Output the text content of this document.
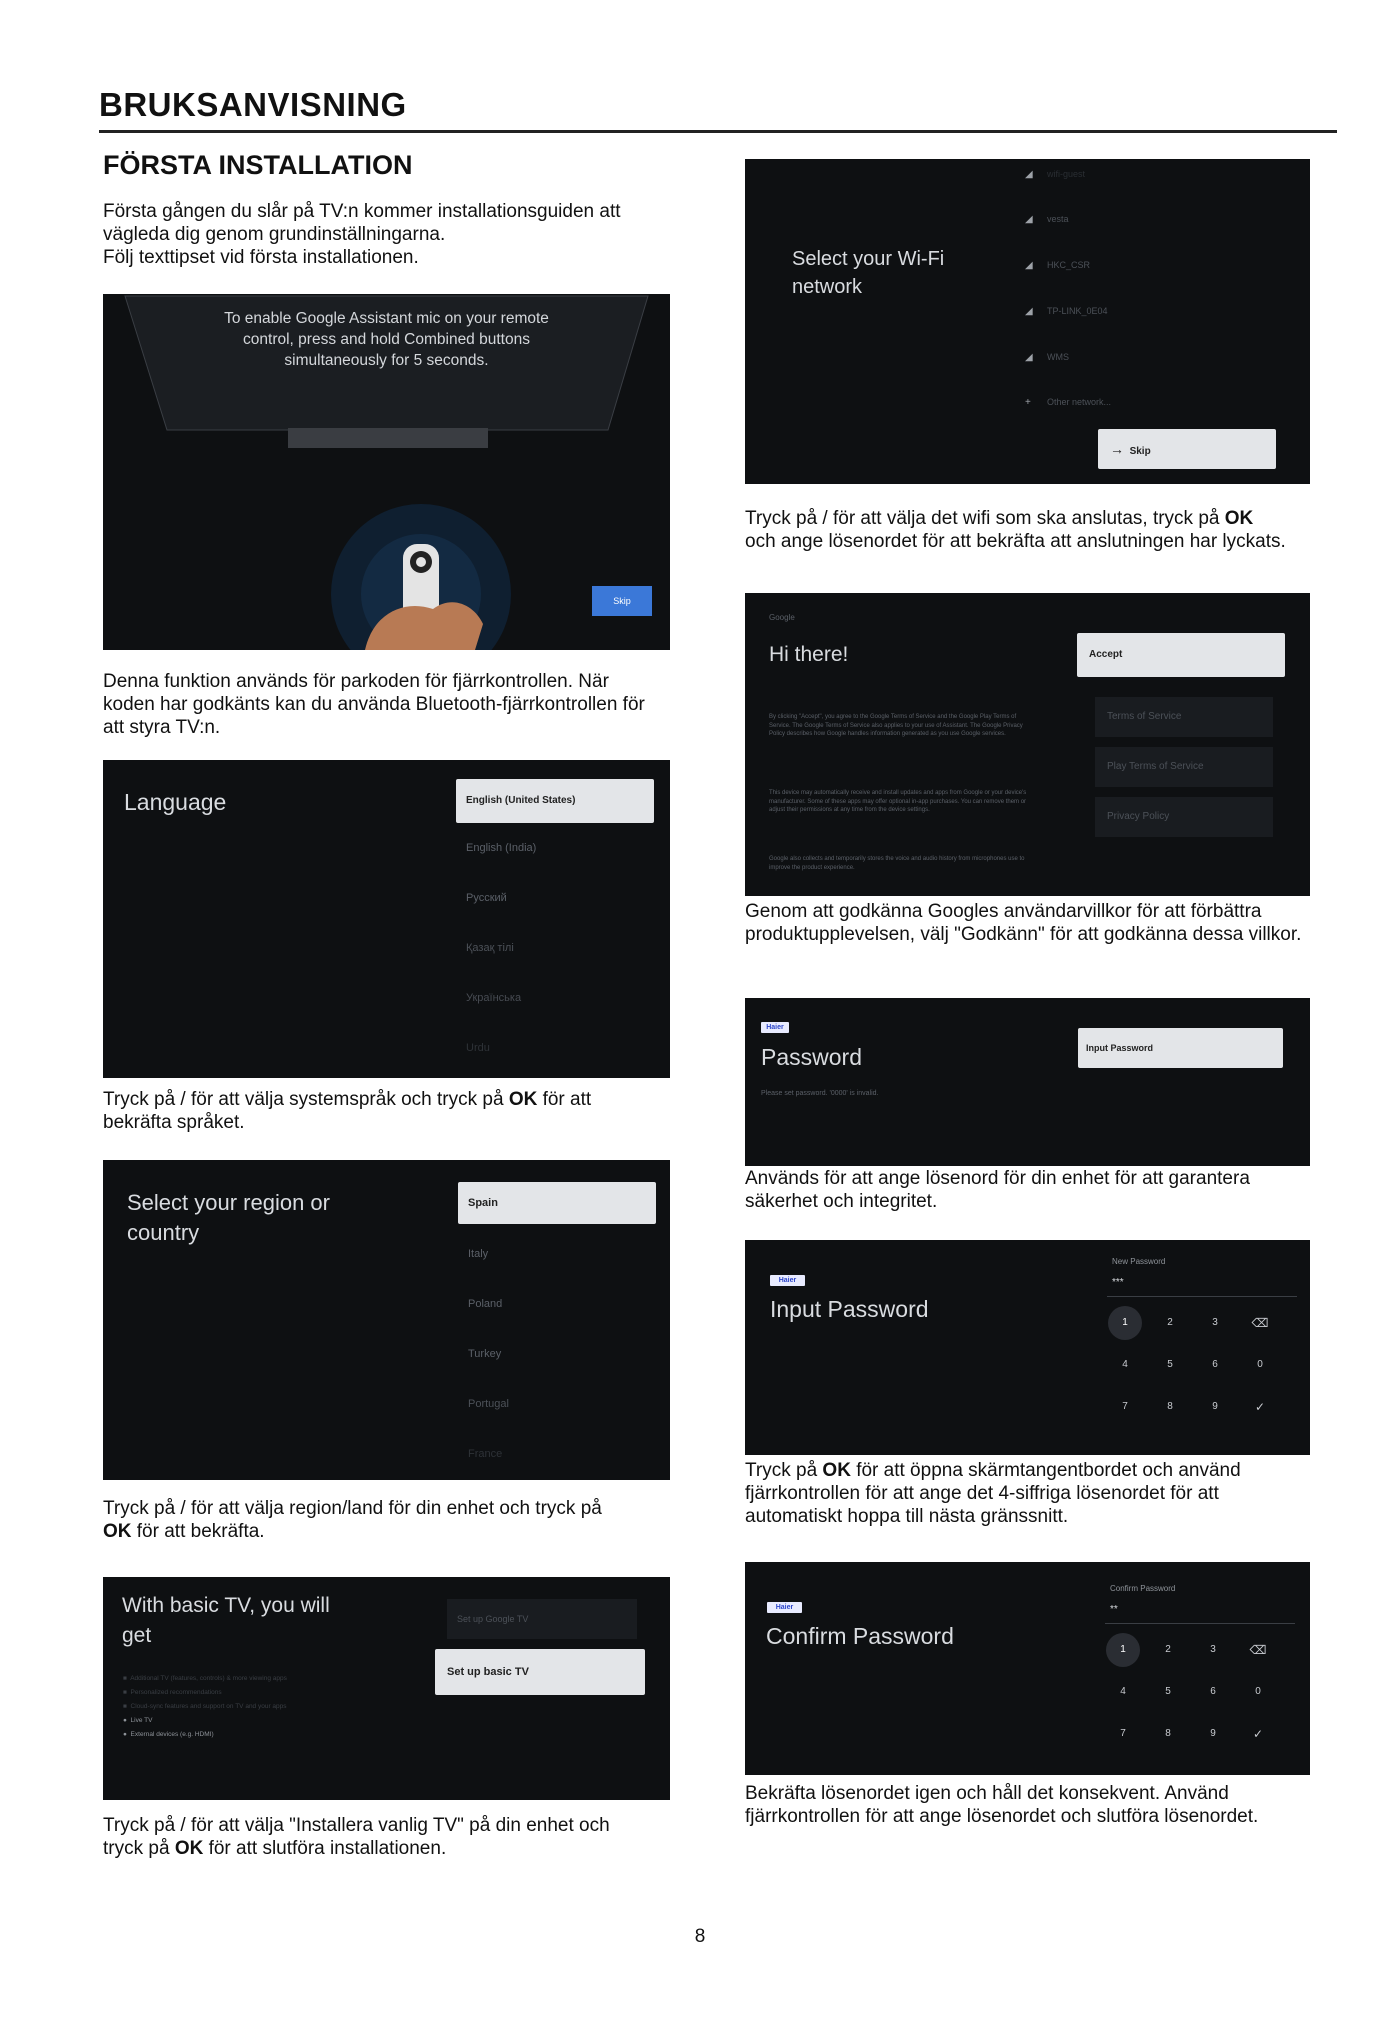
BRUKSANVISNING
FÖRSTA INSTALLATION
Första gången du slår på TV:n kommer installationsguiden att
vägleda dig genom grundinställningarna.
Följ texttipset vid första installationen.
To enable Google Assistant mic on your remote
control, press and hold Combined buttons
simultaneously for 5 seconds.
Skip
Denna funktion används för parkoden för fjärrkontrollen. När
koden har godkänts kan du använda Bluetooth-fjärrkontrollen för
att styra TV:n.
Language	English (United States)
English (India)
Русский
Қазақ тілі
Українська
Urdu
Tryck på / för att välja systemspråk och tryck på OK för att
bekräfta språket.
Select your region or
country
Spain
Italy
Poland
Turkey
Portugal
France
Tryck på / för att välja region/land för din enhet och tryck på
OK för att bekräfta.
With basic TV, you will
get
■  Additional TV (features, controls) & more viewing apps
■  Personalized recommendations
■  Cloud-sync features and support on TV and your apps
●  Live TV
●  External devices (e.g. HDMI)
Set up Google TV
Set up basic TV
Tryck på / för att välja "Installera vanlig TV" på din enhet och
tryck på OK för att slutföra installationen.
Select your Wi-Fi
network
◢ wifi-guest
◢ vesta
◢ HKC_CSR
◢ TP-LINK_0E04
◢ WMS
+ Other network...
→ Skip
Tryck på / för att välja det wifi som ska anslutas, tryck på OK
och ange lösenordet för att bekräfta att anslutningen har lyckats.
Google
Hi there!
By clicking "Accept", you agree to the Google Terms of Service and the Google Play Terms of Service. The Google Terms of Service also applies to your use of Assistant. The Google Privacy Policy describes how Google handles information generated as you use Google services.
This device may automatically receive and install updates and apps from Google or your device's manufacturer. Some of these apps may offer optional in-app purchases. You can remove them or adjust their permissions at any time from the device settings.
Google also collects and temporarily stores the voice and audio history from microphones use to improve the product experience.
Accept
Terms of Service
Play Terms of Service
Privacy Policy
Genom att godkänna Googles användarvillkor för att förbättra
produktupplevelsen, välj "Godkänn" för att godkänna dessa villkor.
Haier
Password
Please set password. '0000' is invalid.
Input Password
Används för att ange lösenord för din enhet för att garantera
säkerhet och integritet.
Haier
Input Password
New Password
***
1	2	3	⌫
4	5	6	0
7	8	9	✓
Tryck på OK för att öppna skärmtangentbordet och använd
fjärrkontrollen för att ange det 4-siffriga lösenordet för att
automatiskt hoppa till nästa gränssnitt.
Haier
Confirm Password
Confirm Password
**
1	2	3	⌫
4	5	6	0
7	8	9	✓
Bekräfta lösenordet igen och håll det konsekvent. Använd
fjärrkontrollen för att ange lösenordet och slutföra lösenordet.
8
